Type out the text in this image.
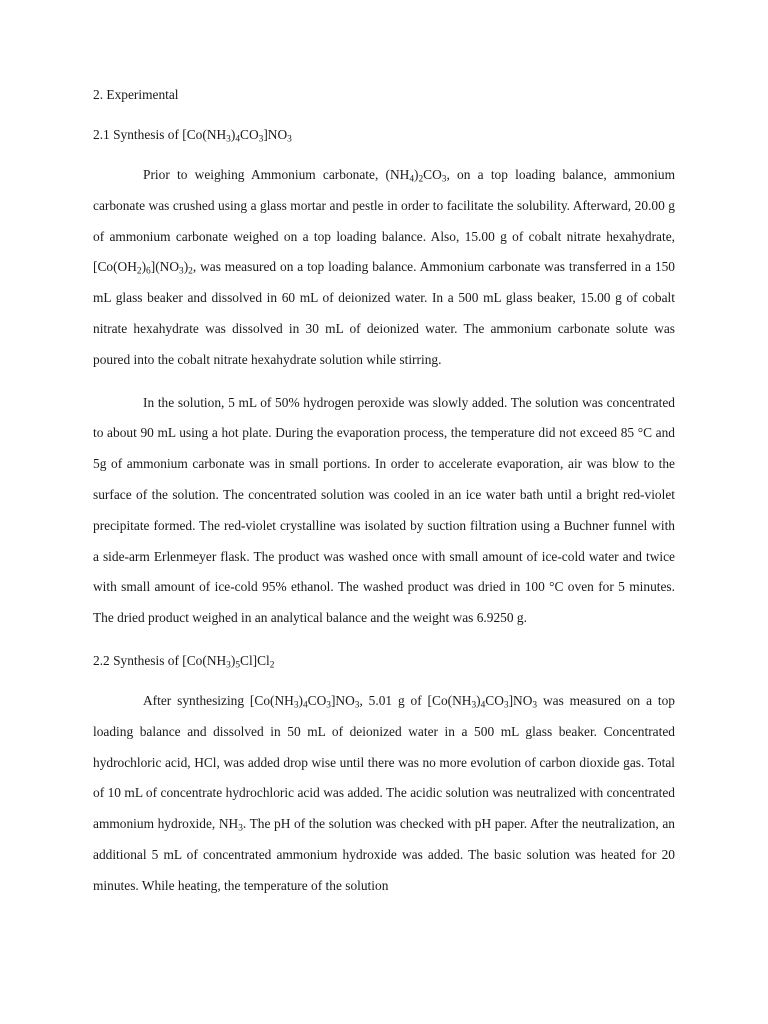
2. Experimental
2.1 Synthesis of $[Co(NH_3)_4CO_3]NO_3$

Prior to weighing Ammonium carbonate, $(NH_4)_2CO_3$, on a top loading balance, ammonium carbonate was crushed using a glass mortar and pestle in order to facilitate the solubility. Afterward, 20.00 g of ammonium carbonate weighed on a top loading balance. Also, 15.00 g of cobalt nitrate hexahydrate, $[Co(OH_2)_6](NO_3)_2$, was measured on a top loading balance. Ammonium carbonate was transferred in a 150 mL glass beaker and dissolved in 60 mL of deionized water. In a 500 mL glass beaker, 15.00 g of cobalt nitrate hexahydrate was dissolved in 30 mL of deionized water. The ammonium carbonate solute was poured into the cobalt nitrate hexahydrate solution while stirring.

In the solution, 5 mL of 50% hydrogen peroxide was slowly added. The solution was concentrated to about 90 mL using a hot plate. During the evaporation process, the temperature did not exceed 85 °C and 5g of ammonium carbonate was in small portions. In order to accelerate evaporation, air was blow to the surface of the solution. The concentrated solution was cooled in an ice water bath until a bright red-violet precipitate formed. The red-violet crystalline was isolated by suction filtration using a Buchner funnel with a side-arm Erlenmeyer flask. The product was washed once with small amount of ice-cold water and twice with small amount of ice-cold 95% ethanol. The washed product was dried in 100 °C oven for 5 minutes. The dried product weighed in an analytical balance and the weight was 6.9250 g.

2.2 Synthesis of $[Co(NH_3)_5Cl]Cl_2$

After synthesizing $[Co(NH_3)_4CO_3]NO_3$, 5.01 g of $[Co(NH_3)_4CO_3]NO_3$ was measured on a top loading balance and dissolved in 50 mL of deionized water in a 500 mL glass beaker. Concentrated hydrochloric acid, HCl, was added drop wise until there was no more evolution of carbon dioxide gas. Total of 10 mL of concentrate hydrochloric acid was added. The acidic solution was neutralized with concentrated ammonium hydroxide, $NH_3$. The pH of the solution was checked with pH paper. After the neutralization, an additional 5 mL of concentrated ammonium hydroxide was added. The basic solution was heated for 20 minutes. While heating, the temperature of the solution
